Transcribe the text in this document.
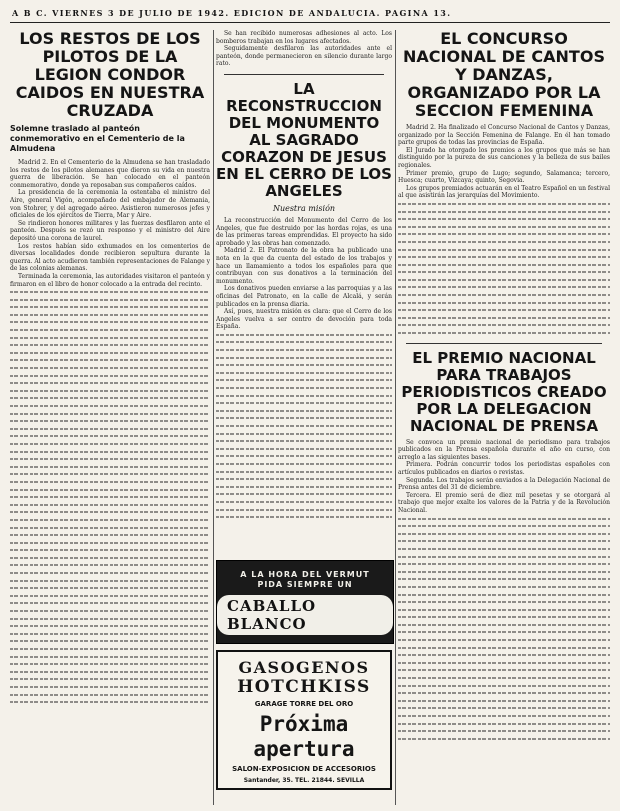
A B C. VIERNES 3 DE JULIO DE 1942. EDICION DE ANDALUCIA. PAGINA 13.
LOS RESTOS DE LOS PILOTOS DE LA LEGION CONDOR CAIDOS EN NUESTRA CRUZADA
Solemne traslado al panteón conmemorativo en el Cementerio de la Almudena

Madrid 2. En el Cementerio de la Almudena se han trasladado los restos de los pilotos alemanes que dieron su vida en nuestra guerra de liberación. Se han colocado en el panteón conmemorativo, donde ya reposaban sus compañeros caídos.

La presidencia de la ceremonia la ostentaba el ministro del Aire, general Vigón, acompañado del embajador de Alemania, von Stohrer, y del agregado aéreo. Asistieron numerosos jefes y oficiales de los ejércitos de Tierra, Mar y Aire.

Se rindieron honores militares y las fuerzas desfilaron ante el panteón. Después se rezó un responso y el ministro del Aire depositó una corona de laurel.

Los restos habían sido exhumados en los cementerios de diversas localidades donde recibieron sepultura durante la guerra. Al acto acudieron también representaciones de Falange y de las colonias alemanas.

Terminada la ceremonia, las autoridades visitaron el panteón y firmaron en el libro de honor colocado a la entrada del recinto.

Se han recibido numerosas adhesiones al acto. Los bomberos trabajan en los lugares afectados.

Seguidamente desfilaron las autoridades ante el panteón, donde permanecieron en silencio durante largo rato.

LA RECONSTRUCCION DEL MONUMENTO AL SAGRADO CORAZON DE JESUS EN EL CERRO DE LOS ANGELES
Nuestra misión

La reconstrucción del Monumento del Cerro de los Angeles, que fue destruido por las hordas rojas, es una de las primeras tareas emprendidas. El proyecto ha sido aprobado y las obras han comenzado.

Madrid 2. El Patronato de la obra ha publicado una nota en la que da cuenta del estado de los trabajos y hace un llamamiento a todos los españoles para que contribuyan con sus donativos a la terminación del monumento.

Los donativos pueden enviarse a las parroquias y a las oficinas del Patronato, en la calle de Alcalá, y serán publicados en la prensa diaria.

Así, pues, nuestra misión es clara: que el Cerro de los Angeles vuelva a ser centro de devoción para toda España.

A LA HORA DEL VERMUT
PIDA SIEMPRE UN
CABALLO BLANCO
GASOGENOS
HOTCHKISS
GARAGE TORRE DEL ORO
Próxima apertura
SALON-EXPOSICION DE ACCESORIOS
Santander, 35. TEL. 21844. SEVILLA
EL CONCURSO NACIONAL DE CANTOS Y DANZAS, ORGANIZADO POR LA SECCION FEMENINA

Madrid 2. Ha finalizado el Concurso Nacional de Cantos y Danzas, organizado por la Sección Femenina de Falange. En él han tomado parte grupos de todas las provincias de España.

El Jurado ha otorgado los premios a los grupos que más se han distinguido por la pureza de sus canciones y la belleza de sus bailes regionales.

Primer premio, grupo de Lugo; segundo, Salamanca; tercero, Huesca; cuarto, Vizcaya; quinto, Segovia.

Los grupos premiados actuarán en el Teatro Español en un festival al que asistirán las jerarquías del Movimiento.

EL PREMIO NACIONAL PARA TRABAJOS PERIODISTICOS CREADO POR LA DELEGACION NACIONAL DE PRENSA

Se convoca un premio nacional de periodismo para trabajos publicados en la Prensa española durante el año en curso, con arreglo a las siguientes bases.

Primera. Podrán concurrir todos los periodistas españoles con artículos publicados en diarios o revistas.

Segunda. Los trabajos serán enviados a la Delegación Nacional de Prensa antes del 31 de diciembre.

Tercera. El premio será de diez mil pesetas y se otorgará al trabajo que mejor exalte los valores de la Patria y de la Revolución Nacional.
